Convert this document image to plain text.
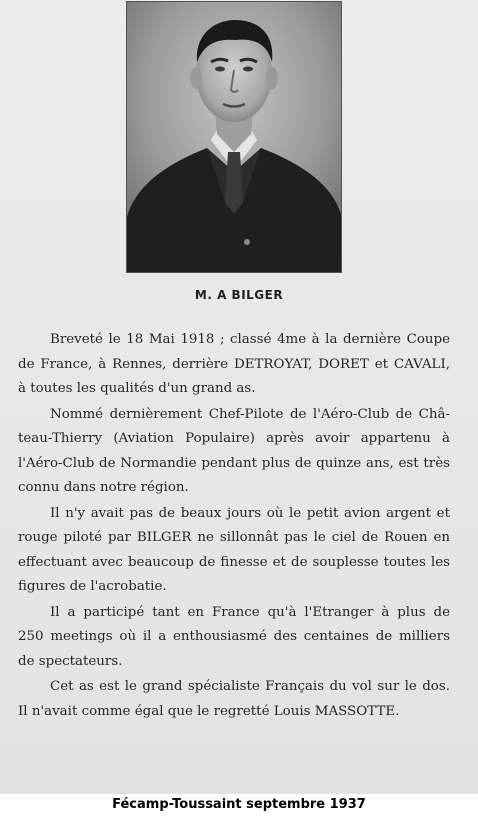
M. A BILGER
Breveté le 18 Mai 1918 ; classé 4me à la dernière Coupe
de France, à Rennes, derrière DETROYAT, DORET et CAVALI,
à toutes les qualités d'un grand as.
Nommé dernièrement Chef-Pilote de l'Aéro-Club de Châ-
teau-Thierry (Aviation Populaire) après avoir appartenu à
l'Aéro-Club de Normandie pendant plus de quinze ans, est très
connu dans notre région.
Il n'y avait pas de beaux jours où le petit avion argent et
rouge piloté par BILGER ne sillonnât pas le ciel de Rouen en
effectuant avec beaucoup de finesse et de souplesse toutes les
figures de l'acrobatie.
Il a participé tant en France qu'à l'Etranger à plus de
250 meetings où il a enthousiasmé des centaines de milliers
de spectateurs.
Cet as est le grand spécialiste Français du vol sur le dos.
Il n'avait comme égal que le regretté Louis MASSOTTE.
Fécamp-Toussaint septembre 1937
